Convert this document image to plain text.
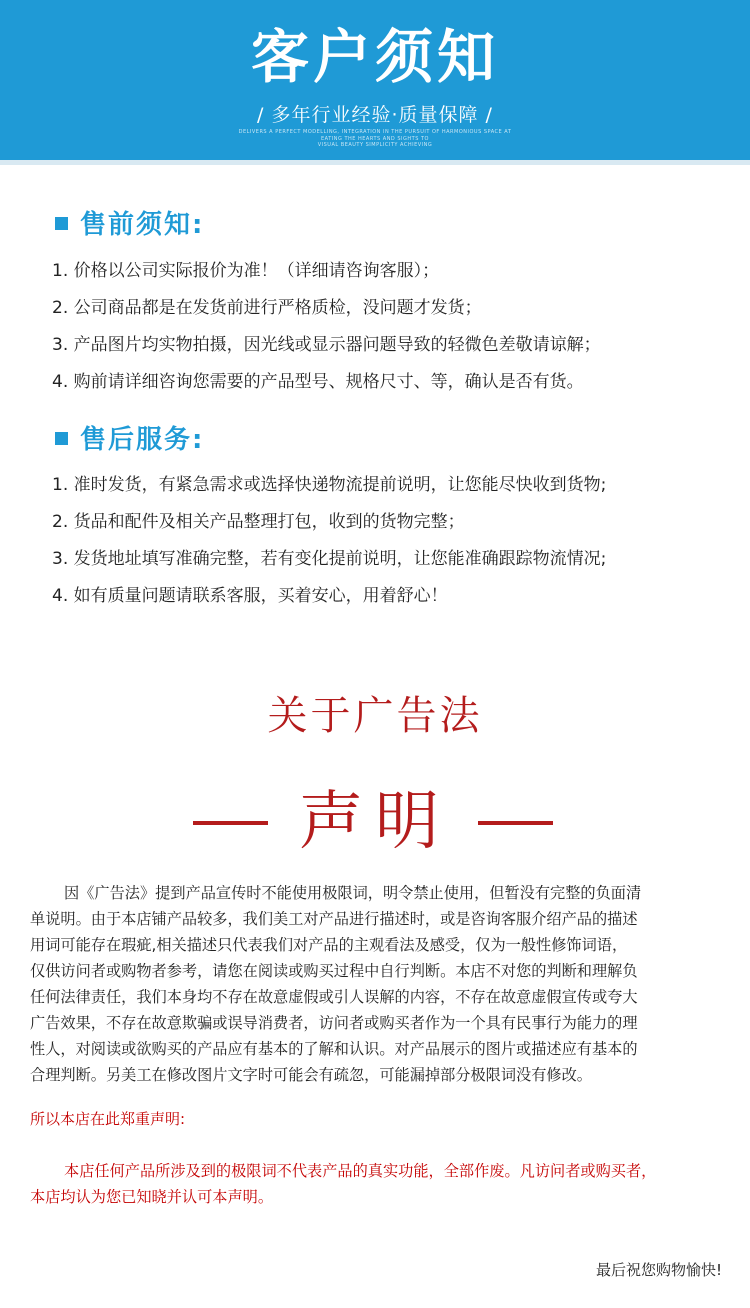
客户须知
/ 多年行业经验·质量保障 /
DELIVERS A PERFECT MODELLING, INTEGRATION IN THE PURSUIT OF HARMONIOUS SPACE AT
EATING THE HEARTS AND SIGHTS TO
VISUAL BEAUTY SIMPLICITY ACHIEVING
售前须知:
1. 价格以公司实际报价为准！（详细请咨询客服）；
2. 公司商品都是在发货前进行严格质检，没问题才发货；
3. 产品图片均实物拍摄，因光线或显示器问题导致的轻微色差敬请谅解；
4. 购前请详细咨询您需要的产品型号、规格尺寸、等，确认是否有货。
售后服务:
1. 准时发货，有紧急需求或选择快递物流提前说明，让您能尽快收到货物;
2. 货品和配件及相关产品整理打包，收到的货物完整；
3. 发货地址填写准确完整，若有变化提前说明，让您能准确跟踪物流情况;
4. 如有质量问题请联系客服，买着安心，用着舒心！
关于广告法
声明
因《广告法》提到产品宣传时不能使用极限词，明令禁止使用，但暂没有完整的负面清
单说明。由于本店铺产品较多，我们美工对产品进行描述时，或是咨询客服介绍产品的描述
用词可能存在瑕疵,相关描述只代表我们对产品的主观看法及感受，仅为一般性修饰词语，
仅供访问者或购物者参考，请您在阅读或购买过程中自行判断。本店不对您的判断和理解负
任何法律责任，我们本身均不存在故意虚假或引人误解的内容，不存在故意虚假宣传或夸大
广告效果，不存在故意欺骗或误导消费者，访问者或购买者作为一个具有民事行为能力的理
性人，对阅读或欲购买的产品应有基本的了解和认识。对产品展示的图片或描述应有基本的
合理判断。另美工在修改图片文字时可能会有疏忽，可能漏掉部分极限词没有修改。
所以本店在此郑重声明:
本店任何产品所涉及到的极限词不代表产品的真实功能，全部作废。凡访问者或购买者，
本店均认为您已知晓并认可本声明。
最后祝您购物愉快!
